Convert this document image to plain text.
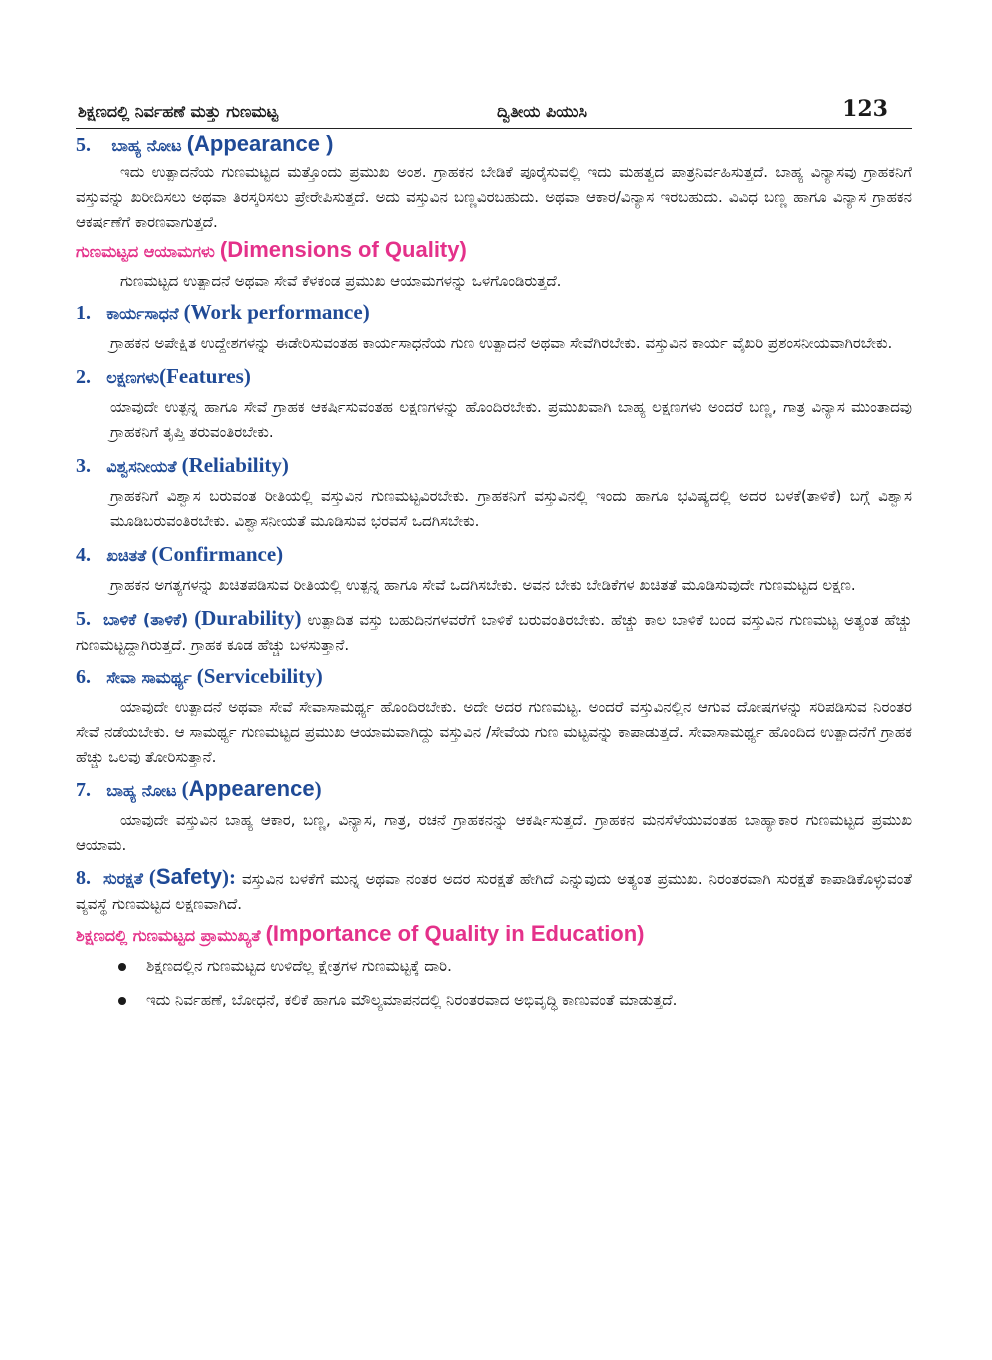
ಶಿಕ್ಷಣದಲ್ಲಿ ನಿರ್ವಹಣೆ ಮತ್ತು ಗುಣಮಟ್ಟ	ದ್ವಿತೀಯ ಪಿಯುಸಿ	123
5. ಬಾಹ್ಯ ನೋಟ (Appearance )

ಇದು ಉತ್ಪಾದನೆಯ ಗುಣಮಟ್ಟದ ಮತ್ತೊಂದು ಪ್ರಮುಖ ಅಂಶ. ಗ್ರಾಹಕನ ಬೇಡಿಕೆ ಪೂರೈಸುವಲ್ಲಿ ಇದು ಮಹತ್ವದ ಪಾತ್ರನಿರ್ವಹಿಸುತ್ತದೆ. ಬಾಹ್ಯ ವಿನ್ಯಾಸವು ಗ್ರಾಹಕನಿಗೆ ವಸ್ತುವನ್ನು ಖರೀದಿಸಲು ಅಥವಾ ತಿರಸ್ಕರಿಸಲು ಪ್ರೇರೇಪಿಸುತ್ತದೆ. ಅದು ವಸ್ತುವಿನ ಬಣ್ಣವಿರಬಹುದು. ಅಥವಾ ಆಕಾರ/ವಿನ್ಯಾಸ ಇರಬಹುದು. ವಿವಿಧ ಬಣ್ಣ ಹಾಗೂ ವಿನ್ಯಾಸ ಗ್ರಾಹಕನ ಆಕರ್ಷಣೆಗೆ ಕಾರಣವಾಗುತ್ತದೆ.

ಗುಣಮಟ್ಟದ ಆಯಾಮಗಳು (Dimensions of Quality)

ಗುಣಮಟ್ಟದ ಉತ್ಪಾದನೆ ಅಥವಾ ಸೇವೆ ಕೆಳಕಂಡ ಪ್ರಮುಖ ಆಯಾಮಗಳನ್ನು ಒಳಗೊಂಡಿರುತ್ತದೆ.

1. ಕಾರ್ಯಸಾಧನೆ (Work performance)

ಗ್ರಾಹಕನ ಅಪೇಕ್ಷಿತ ಉದ್ದೇಶಗಳನ್ನು ಈಡೇರಿಸುವಂತಹ ಕಾರ್ಯಸಾಧನೆಯ ಗುಣ ಉತ್ಪಾದನೆ ಅಥವಾ ಸೇವೆಗಿರಬೇಕು. ವಸ್ತುವಿನ ಕಾರ್ಯ ವೈಖರಿ ಪ್ರಶಂಸನೀಯವಾಗಿರಬೇಕು.

2. ಲಕ್ಷಣಗಳು(Features)

ಯಾವುದೇ ಉತ್ಪನ್ನ ಹಾಗೂ ಸೇವೆ ಗ್ರಾಹಕ ಆಕರ್ಷಿಸುವಂತಹ ಲಕ್ಷಣಗಳನ್ನು ಹೊಂದಿರಬೇಕು. ಪ್ರಮುಖವಾಗಿ ಬಾಹ್ಯ ಲಕ್ಷಣಗಳು ಅಂದರೆ ಬಣ್ಣ, ಗಾತ್ರ ವಿನ್ಯಾಸ ಮುಂತಾದವು ಗ್ರಾಹಕನಿಗೆ ತೃಪ್ತಿ ತರುವಂತಿರಬೇಕು.

3. ವಿಶ್ವಸನೀಯತೆ (Reliability)

ಗ್ರಾಹಕನಿಗೆ ವಿಶ್ವಾಸ ಬರುವಂತ ರೀತಿಯಲ್ಲಿ ವಸ್ತುವಿನ ಗುಣಮಟ್ಟವಿರಬೇಕು. ಗ್ರಾಹಕನಿಗೆ ವಸ್ತುವಿನಲ್ಲಿ ಇಂದು ಹಾಗೂ ಭವಿಷ್ಯದಲ್ಲಿ ಅದರ ಬಳಕೆ(ತಾಳಿಕೆ) ಬಗ್ಗೆ ವಿಶ್ವಾಸ ಮೂಡಿಬರುವಂತಿರಬೇಕು. ವಿಶ್ವಾಸನೀಯತೆ ಮೂಡಿಸುವ ಭರವಸೆ ಒದಗಿಸಬೇಕು.

4. ಖಚಿತತೆ (Confirmance)

ಗ್ರಾಹಕನ ಅಗತ್ಯಗಳನ್ನು ಖಚಿತಪಡಿಸುವ ರೀತಿಯಲ್ಲಿ ಉತ್ಪನ್ನ ಹಾಗೂ ಸೇವೆ ಒದಗಿಸಬೇಕು. ಅವನ ಬೇಕು ಬೇಡಿಕೆಗಳ ಖಚಿತತೆ ಮೂಡಿಸುವುದೇ ಗುಣಮಟ್ಟದ ಲಕ್ಷಣ.

5. ಬಾಳಿಕೆ (ತಾಳಿಕೆ) (Durability) ಉತ್ಪಾದಿತ ವಸ್ತು ಬಹುದಿನಗಳವರೆಗೆ ಬಾಳಿಕೆ ಬರುವಂತಿರಬೇಕು. ಹೆಚ್ಚು ಕಾಲ ಬಾಳಿಕೆ ಬಂದ ವಸ್ತುವಿನ ಗುಣಮಟ್ಟ ಅತ್ಯಂತ ಹೆಚ್ಚು ಗುಣಮಟ್ಟದ್ದಾಗಿರುತ್ತದೆ. ಗ್ರಾಹಕ ಕೂಡ ಹೆಚ್ಚು ಬಳಸುತ್ತಾನೆ.

6. ಸೇವಾ ಸಾಮರ್ಥ್ಯ (Servicebility)

ಯಾವುದೇ ಉತ್ಪಾದನೆ ಅಥವಾ ಸೇವೆ ಸೇವಾಸಾಮರ್ಥ್ಯ ಹೊಂದಿರಬೇಕು. ಅದೇ ಅದರ ಗುಣಮಟ್ಟ. ಅಂದರೆ ವಸ್ತುವಿನಲ್ಲಿನ ಆಗುವ ದೋಷಗಳನ್ನು ಸರಿಪಡಿಸುವ ನಿರಂತರ ಸೇವೆ ನಡೆಯಬೇಕು. ಆ ಸಾಮರ್ಥ್ಯ ಗುಣಮಟ್ಟದ ಪ್ರಮುಖ ಆಯಾಮವಾಗಿದ್ದು ವಸ್ತುವಿನ /ಸೇವೆಯ ಗುಣ ಮಟ್ಟವನ್ನು ಕಾಪಾಡುತ್ತದೆ. ಸೇವಾಸಾಮರ್ಥ್ಯ ಹೊಂದಿದ ಉತ್ಪಾದನೆಗೆ ಗ್ರಾಹಕ ಹೆಚ್ಚು ಒಲವು ತೋರಿಸುತ್ತಾನೆ.

7. ಬಾಹ್ಯ ನೋಟ (Appearence)

ಯಾವುದೇ ವಸ್ತುವಿನ ಬಾಹ್ಯ ಆಕಾರ, ಬಣ್ಣ, ವಿನ್ಯಾಸ, ಗಾತ್ರ, ರಚನೆ ಗ್ರಾಹಕನನ್ನು ಆಕರ್ಷಿಸುತ್ತದೆ. ಗ್ರಾಹಕನ ಮನಸೆಳೆಯುವಂತಹ ಬಾಹ್ಯಾಕಾರ ಗುಣಮಟ್ಟದ ಪ್ರಮುಖ ಆಯಾಮ.

8. ಸುರಕ್ಷತೆ (Safety): ವಸ್ತುವಿನ ಬಳಕೆಗೆ ಮುನ್ನ ಅಥವಾ ನಂತರ ಅದರ ಸುರಕ್ಷತೆ ಹೇಗಿದೆ ಎನ್ನುವುದು ಅತ್ಯಂತ ಪ್ರಮುಖ. ನಿರಂತರವಾಗಿ ಸುರಕ್ಷತೆ ಕಾಪಾಡಿಕೊಳ್ಳುವಂತೆ ವ್ಯವಸ್ಥೆ ಗುಣಮಟ್ಟದ ಲಕ್ಷಣವಾಗಿದೆ.

ಶಿಕ್ಷಣದಲ್ಲಿ ಗುಣಮಟ್ಟದ ಪ್ರಾಮುಖ್ಯತೆ (Importance of Quality in Education)
ಶಿಕ್ಷಣದಲ್ಲಿನ ಗುಣಮಟ್ಟದ ಉಳಿದೆಲ್ಲ ಕ್ಷೇತ್ರಗಳ ಗುಣಮಟ್ಟಕ್ಕೆ ದಾರಿ.
ಇದು ನಿರ್ವಹಣೆ, ಬೋಧನೆ, ಕಲಿಕೆ ಹಾಗೂ ಮೌಲ್ಯಮಾಪನದಲ್ಲಿ ನಿರಂತರವಾದ ಅಭಿವೃದ್ಧಿ ಕಾಣುವಂತೆ ಮಾಡುತ್ತದೆ.
